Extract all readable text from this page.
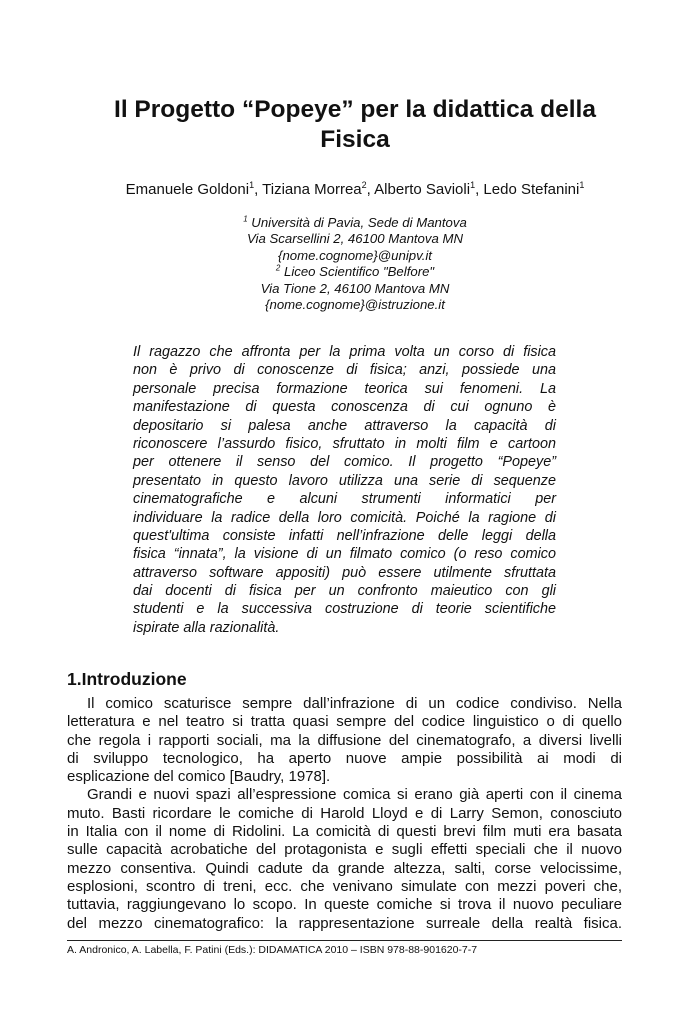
Il Progetto “Popeye” per la didattica della
Fisica
Emanuele Goldoni$^1$, Tiziana Morrea$^2$, Alberto Savioli$^1$, Ledo Stefanini$^1$
$^1$ Università di Pavia, Sede di Mantova
Via Scarsellini 2, 46100 Mantova MN
{nome.cognome}@unipv.it
$^2$ Liceo Scientifico "Belfore"
Via Tione 2, 46100 Mantova MN
{nome.cognome}@istruzione.it
Il ragazzo che affronta per la prima volta un corso di fisica
non è privo di conoscenze di fisica; anzi, possiede una
personale precisa formazione teorica sui fenomeni. La
manifestazione di questa conoscenza di cui ognuno è
depositario si palesa anche attraverso la capacità di
riconoscere l’assurdo fisico, sfruttato in molti film e cartoon
per ottenere il senso del comico. Il progetto “Popeye”
presentato in questo lavoro utilizza una serie di sequenze
cinematografiche e alcuni strumenti informatici per
individuare la radice della loro comicità. Poiché la ragione di
quest'ultima consiste infatti nell’infrazione delle leggi della
fisica “innata”, la visione di un filmato comico (o reso comico
attraverso software appositi) può essere utilmente sfruttata
dai docenti di fisica per un confronto maieutico con gli
studenti e la successiva costruzione di teorie scientifiche
ispirate alla razionalità.
1.Introduzione
Il comico scaturisce sempre dall’infrazione di un codice condiviso. Nella
letteratura e nel teatro si tratta quasi sempre del codice linguistico o di quello
che regola i rapporti sociali, ma la diffusione del cinematografo, a diversi livelli
di sviluppo tecnologico, ha aperto nuove ampie possibilità ai modi di
esplicazione del comico [Baudry, 1978].
Grandi e nuovi spazi all’espressione comica si erano già aperti con il cinema
muto. Basti ricordare le comiche di Harold Lloyd e di Larry Semon, conosciuto
in Italia con il nome di Ridolini. La comicità di questi brevi film muti era basata
sulle capacità acrobatiche del protagonista e sugli effetti speciali che il nuovo
mezzo consentiva. Quindi cadute da grande altezza, salti, corse velocissime,
esplosioni, scontro di treni, ecc. che venivano simulate con mezzi poveri che,
tuttavia, raggiungevano lo scopo. In queste comiche si trova il nuovo peculiare
del mezzo cinematografico: la rappresentazione surreale della realtà fisica.
A. Andronico, A. Labella, F. Patini (Eds.): DIDAMATICA 2010 – ISBN 978-88-901620-7-7
